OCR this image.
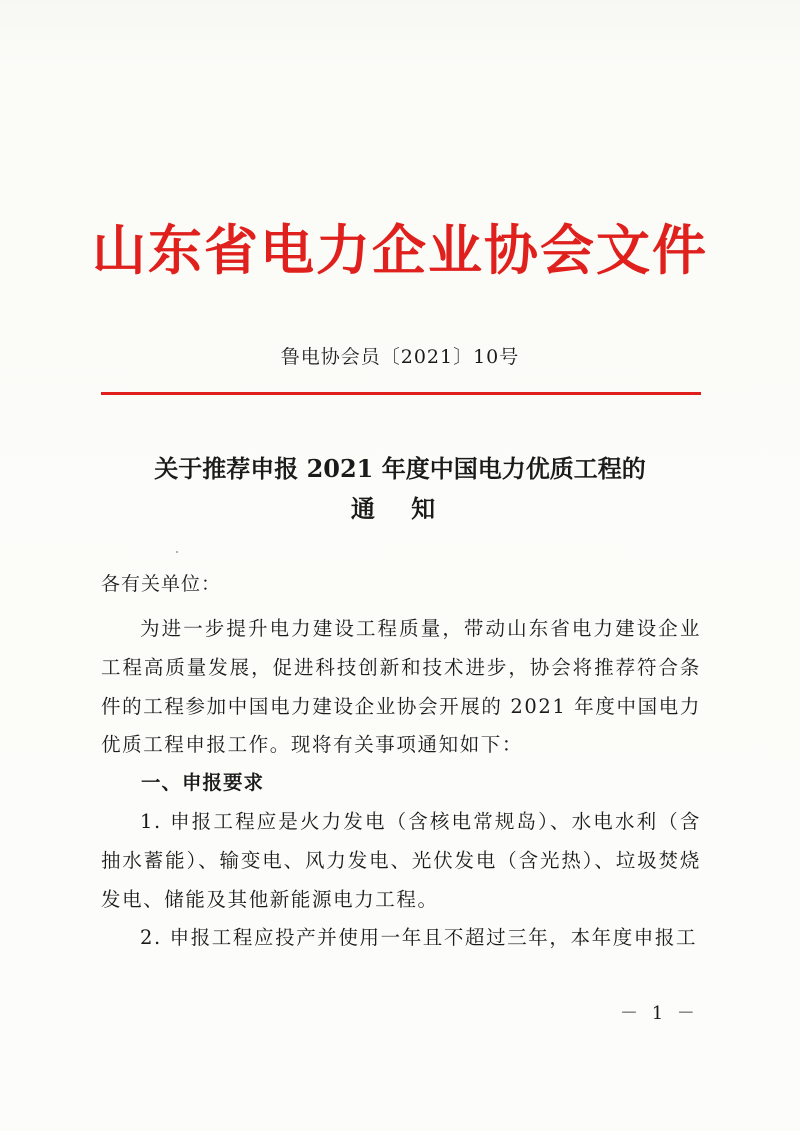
山东省电力企业协会文件
鲁电协会员〔2021〕10号
关于推荐申报 2021 年度中国电力优质工程的
通 知
各有关单位：
为进一步提升电力建设工程质量，带动山东省电力建设企业工程高质量发展，促进科技创新和技术进步，协会将推荐符合条件的工程参加中国电力建设企业协会开展的 2021 年度中国电力优质工程申报工作。现将有关事项通知如下：
一、申报要求
1. 申报工程应是火力发电（含核电常规岛）、水电水利（含抽水蓄能）、输变电、风力发电、光伏发电（含光热）、垃圾焚烧发电、储能及其他新能源电力工程。
2. 申报工程应投产并使用一年且不超过三年，本年度申报工
－ 1 －
